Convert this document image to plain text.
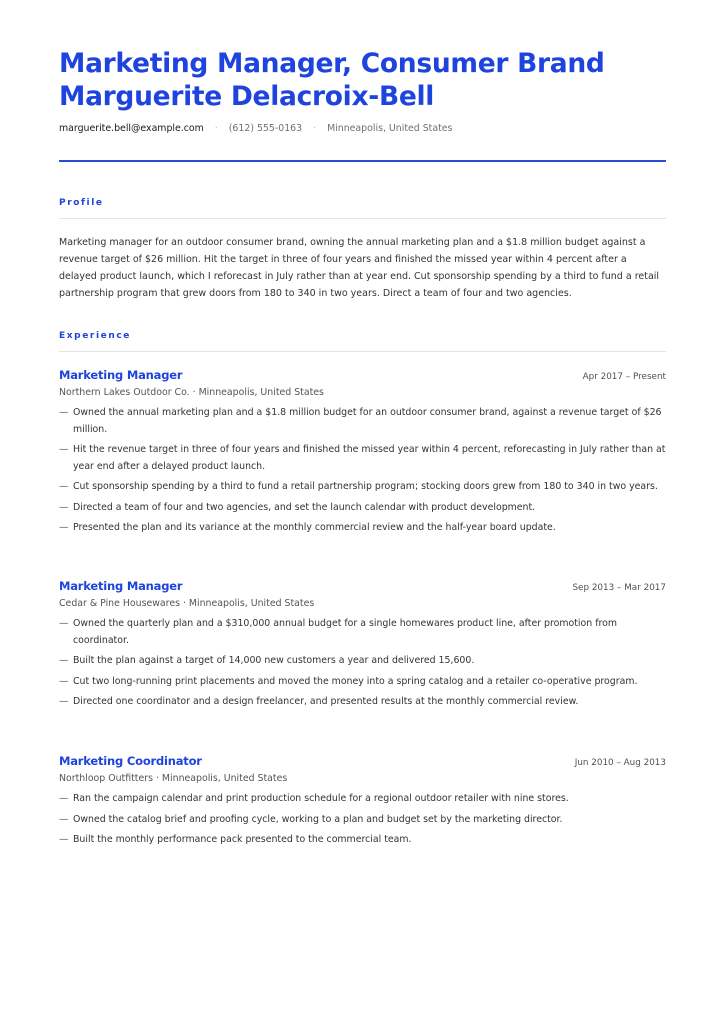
Marketing Manager, Consumer Brand
Marguerite Delacroix-Bell
marguerite.bell@example.com · (612) 555-0163 · Minneapolis, United States
Profile

Marketing manager for an outdoor consumer brand, owning the annual marketing plan and a $1.8 million budget against a revenue target of $26 million. Hit the target in three of four years and finished the missed year within 4 percent after a delayed product launch, which I reforecast in July rather than at year end. Cut sponsorship spending by a third to fund a retail partnership program that grew doors from 180 to 340 in two years. Direct a team of four and two agencies.

Experience
Marketing Manager	Apr 2017 – Present
Northern Lakes Outdoor Co. · Minneapolis, United States
— Owned the annual marketing plan and a $1.8 million budget for an outdoor consumer brand, against a revenue target of $26 million.
— Hit the revenue target in three of four years and finished the missed year within 4 percent, reforecasting in July rather than at year end after a delayed product launch.
— Cut sponsorship spending by a third to fund a retail partnership program; stocking doors grew from 180 to 340 in two years.
— Directed a team of four and two agencies, and set the launch calendar with product development.
— Presented the plan and its variance at the monthly commercial review and the half-year board update.
Marketing Manager	Sep 2013 – Mar 2017
Cedar & Pine Housewares · Minneapolis, United States
— Owned the quarterly plan and a $310,000 annual budget for a single homewares product line, after promotion from coordinator.
— Built the plan against a target of 14,000 new customers a year and delivered 15,600.
— Cut two long-running print placements and moved the money into a spring catalog and a retailer co-operative program.
— Directed one coordinator and a design freelancer, and presented results at the monthly commercial review.
Marketing Coordinator	Jun 2010 – Aug 2013
Northloop Outfitters · Minneapolis, United States
— Ran the campaign calendar and print production schedule for a regional outdoor retailer with nine stores.
— Owned the catalog brief and proofing cycle, working to a plan and budget set by the marketing director.
— Built the monthly performance pack presented to the commercial team.
